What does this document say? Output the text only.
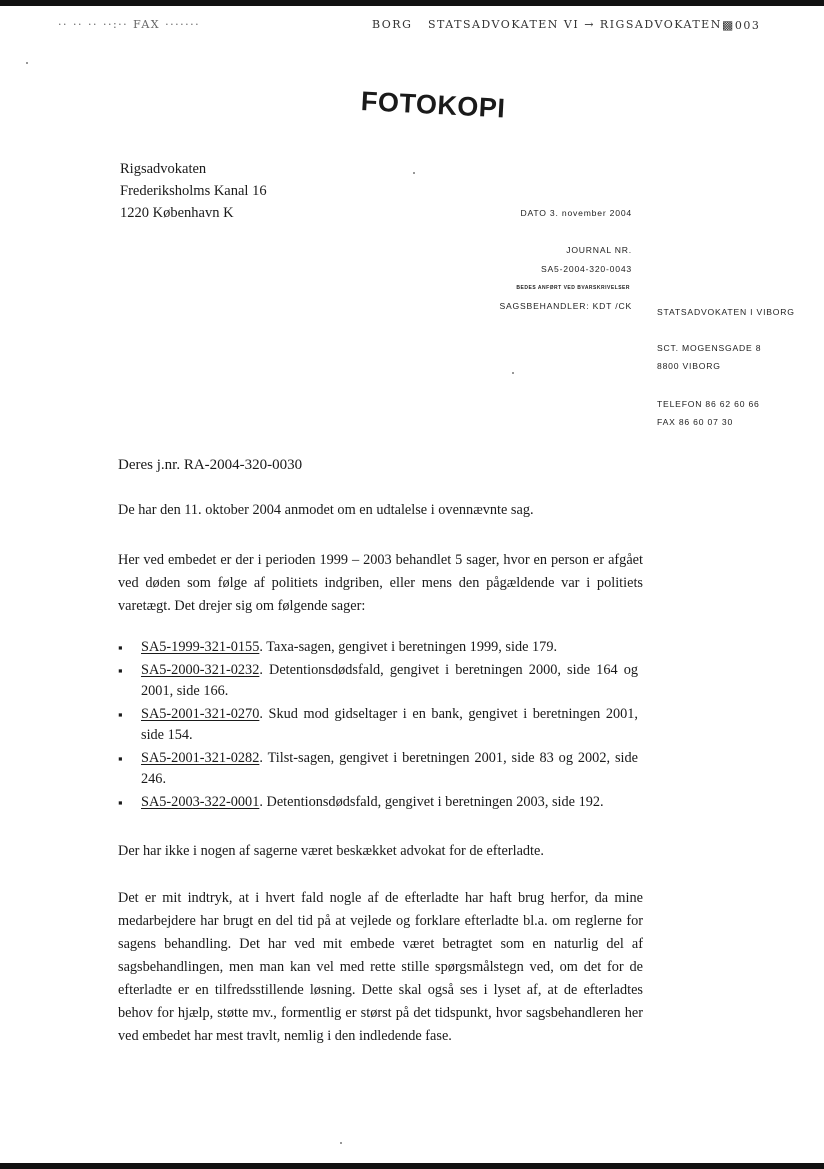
·· ·· ·· ··:·· FAX ·······	BORG STATSADVOKATEN VI → RIGSADVOKATEN ▩003
FOTOKOPI
Rigsadvokaten
Frederiksholms Kanal 16
1220 København K	DATO 3. november 2004
JOURNAL NR.
SA5-2004-320-0043
BEDES ANFØRT VED BVARSKRIVELSER
SAGSBEHANDLER: KDT /CK
STATSADVOKATEN I VIBORG
SCT. MOGENSGADE 8
8800 VIBORG
TELEFON 86 62 60 66
FAX 86 60 07 30
Deres j.nr. RA-2004-320-0030
De har den 11. oktober 2004 anmodet om en udtalelse i ovennævnte sag.
Her ved embedet er der i perioden 1999 – 2003 behandlet 5 sager, hvor en person er afgået ved døden som følge af politiets indgriben, eller mens den pågældende var i politiets varetægt. Det drejer sig om følgende sager:
▪ SA5-1999-321-0155. Taxa-sagen, gengivet i beretningen 1999, side 179.
▪ SA5-2000-321-0232. Detentionsdødsfald, gengivet i beretningen 2000, side 164 og 2001, side 166.
▪ SA5-2001-321-0270. Skud mod gidseltager i en bank, gengivet i beretningen 2001, side 154.
▪ SA5-2001-321-0282. Tilst-sagen, gengivet i beretningen 2001, side 83 og 2002, side 246.
▪ SA5-2003-322-0001. Detentionsdødsfald, gengivet i beretningen 2003, side 192.
Der har ikke i nogen af sagerne været beskækket advokat for de efterladte.
Det er mit indtryk, at i hvert fald nogle af de efterladte har haft brug herfor, da mine medarbejdere har brugt en del tid på at vejlede og forklare efterladte bl.a. om reglerne for sagens behandling. Det har ved mit embede været betragtet som en naturlig del af sagsbehandlingen, men man kan vel med rette stille spørgsmålstegn ved, om det for de efterladte er en tilfredsstillende løsning. Dette skal også ses i lyset af, at de efterladtes behov for hjælp, støtte mv., formentlig er størst på det tidspunkt, hvor sagsbehandleren her ved embedet har mest travlt, nemlig i den indledende fase.
